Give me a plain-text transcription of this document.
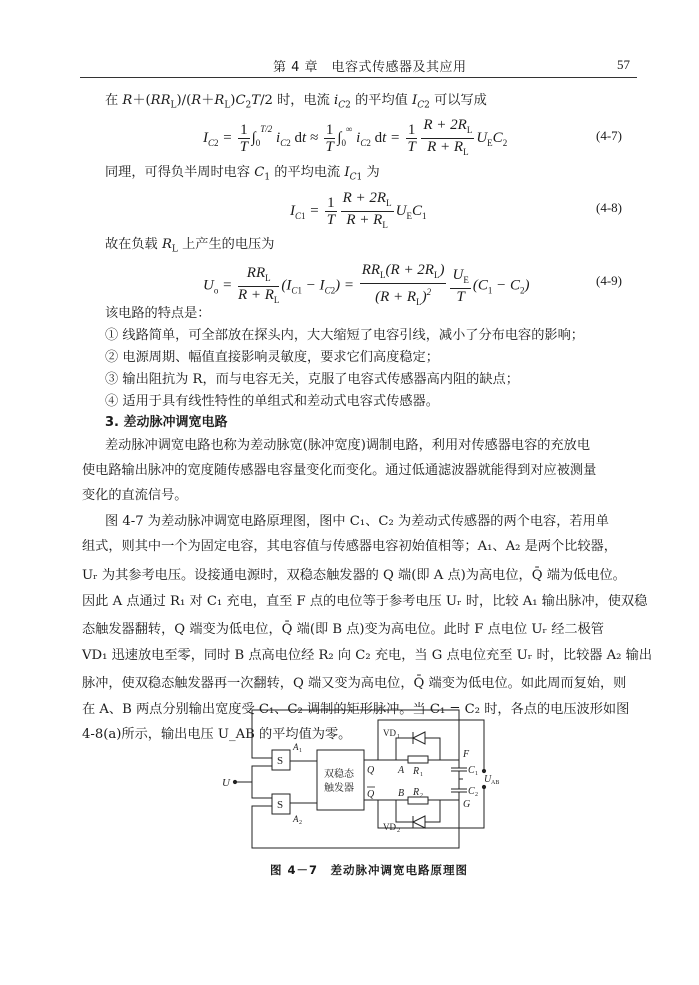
第 4 章　电容式传感器及其应用	57
在 $R+(RR_L)/(R+R_L)C_2T/2$ 时，电流 $i_{C2}$ 的平均值 $I_{C2}$ 可以写成
$I_{C2} = \frac{1}{T} \int_0^{T/2}$ $i_{C2}$ dt ≈ $\frac{1}{T} \int_0^\infty$ $i_{C2}$ dt = $\frac{1}{T} \frac{R + 2R_L}{R + R_L} U_EC_2$	(4-7)
同理，可得负半周时电容 $C_1$ 的平均电流 $I_{C1}$ 为
$I_{C1} = \frac{1}{T} \frac{R + 2R_L}{R + R_L} U_EC_1$
(4-8)
故在负载 $R_L$ 上产生的电压为
$U_o = \frac{RR_L}{R + R_L} (I_{C1} - I_{C2}) = \frac{RR_L(R + 2R_L)}{(R + R_L)^2} \frac{U_E}{T} (C_1 - C_2)$	(4-9)
该电路的特点是：
① 线路简单，可全部放在探头内，大大缩短了电容引线，减小了分布电容的影响；
② 电源周期、幅值直接影响灵敏度，要求它们高度稳定；
③ 输出阻抗为 R，而与电容无关，克服了电容式传感器高内阻的缺点；
④ 适用于具有线性特性的单组式和差动式电容式传感器。
3. 差动脉冲调宽电路
差动脉冲调宽电路也称为差动脉宽(脉冲宽度)调制电路，利用对传感器电容的充放电
使电路输出脉冲的宽度随传感器电容量变化而变化。通过低通滤波器就能得到对应被测量
变化的直流信号。
图 4-7 为差动脉冲调宽电路原理图，图中 C₁、C₂ 为差动式传感器的两个电容，若用单
组式，则其中一个为固定电容，其电容值与传感器电容初始值相等；A₁、A₂ 是两个比较器，
Uᵣ 为其参考电压。设接通电源时，双稳态触发器的 Q 端(即 A 点)为高电位，Q̄ 端为低电位。
因此 A 点通过 R₁ 对 C₁ 充电，直至 F 点的电位等于参考电压 Uᵣ 时，比较 A₁ 输出脉冲，使双稳
态触发器翻转，Q 端变为低电位，Q̄ 端(即 B 点)变为高电位。此时 F 点电位 Uᵣ 经二极管
VD₁ 迅速放电至零，同时 B 点高电位经 R₂ 向 C₂ 充电，当 G 点电位充至 Uᵣ 时，比较器 A₂ 输出
脉冲，使双稳态触发器再一次翻转，Q 端又变为高电位，Q̄ 端变为低电位。如此周而复始，则
在 A、B 两点分别输出宽度受 C₁、C₂ 调制的矩形脉冲。当 C₁ = C₂ 时，各点的电压波形如图
4-8(a)所示，输出电压 U_AB 的平均值为零。
S
S
A 1
A 2
双稳态
触发器
U
Q
Q
A
B
R 1
R 2
VD 1
VD 2
F
G
C 1
C 2
U AB
图 4－7　差动脉冲调宽电路原理图
